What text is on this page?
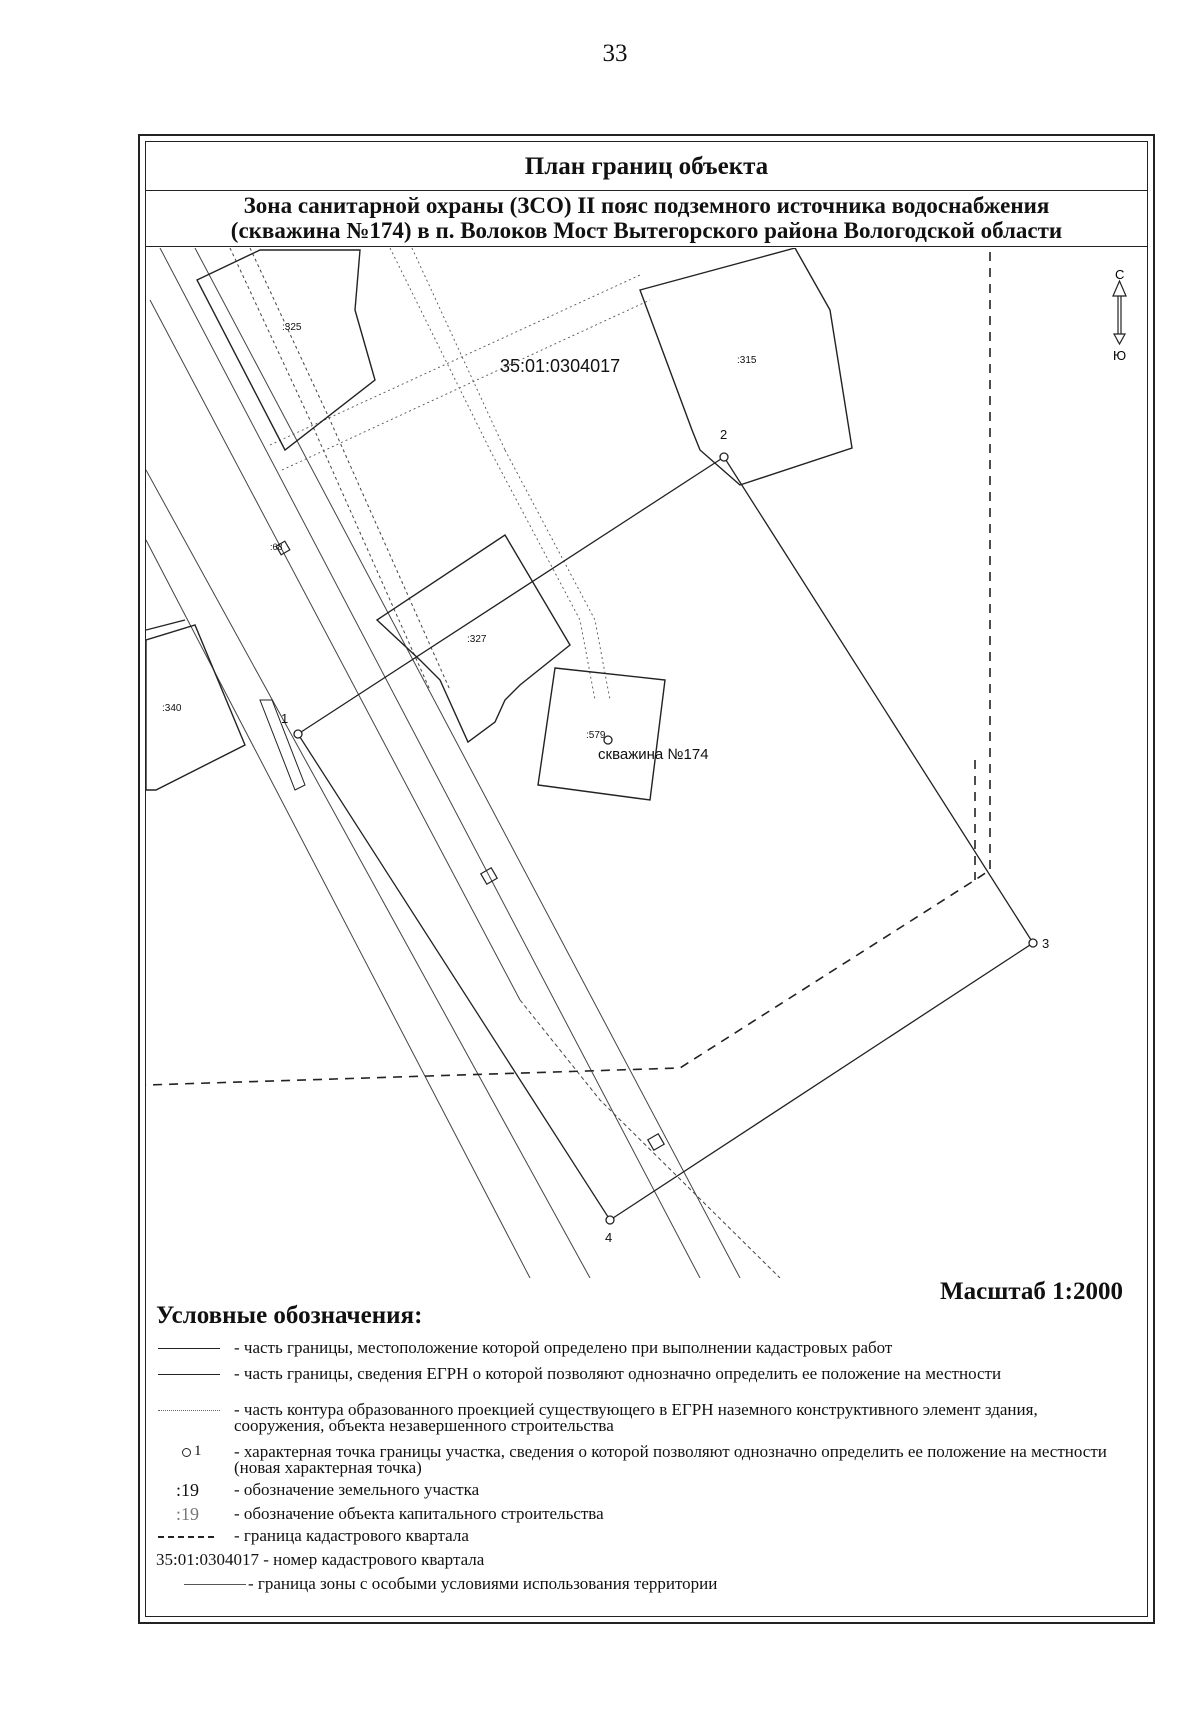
33
План границ объекта
Зона санитарной охраны (ЗСО) II пояс подземного источника водоснабжения
(скважина №174) в п. Волоков Мост Вытегорского района Вологодской области
С
Ю
35:01:0304017
:325
:315
:327
:340
:579
:68
скважина №174
1
2
3
4
Масштаб 1:2000
Условные обозначения:
- часть границы, местоположение которой определено при выполнении кадастровых работ
- часть границы, сведения ЕГРН о которой позволяют однозначно определить ее положение на местности
- часть контура образованного проекцией существующего в ЕГРН наземного конструктивного элемент здания, сооружения, объекта незавершенного строительства
1 - характерная точка границы участка, сведения о которой позволяют однозначно определить ее положение на местности (новая характерная точка)
:19 - обозначение земельного участка
:19 - обозначение объекта капитального строительства
- граница кадастрового квартала
35:01:0304017 - номер кадастрового квартала
- граница зоны с особыми условиями использования территории
